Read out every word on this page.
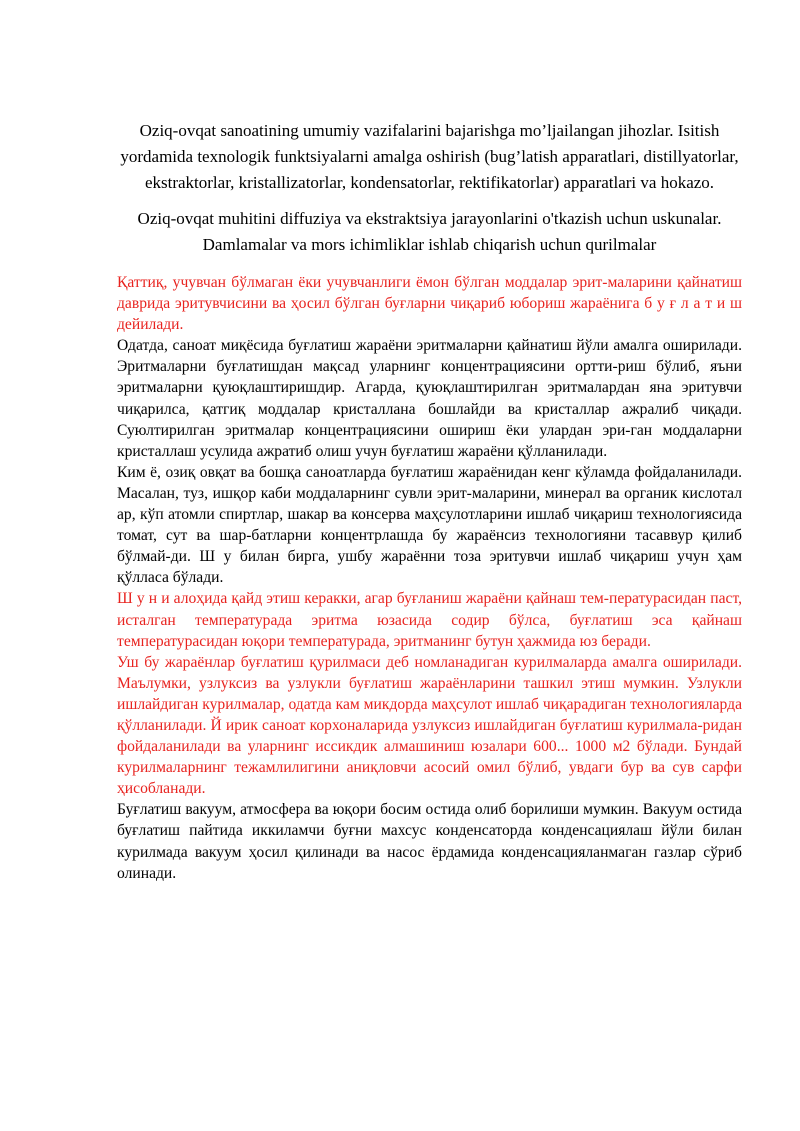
Oziq-ovqat sanoatining umumiy vazifalarini bajarishga mo’ljailangan jihozlar. Isitish yordamida texnologik funktsiyalarni amalga oshirish (bug’latish apparatlari, distillyatorlar, ekstraktorlar, kristallizatorlar, kondensatorlar, rektifikatorlar) apparatlari va hokazo.

Oziq-ovqat muhitini diffuziya va ekstraktsiya jarayonlarini o'tkazish uchun uskunalar. Damlamalar va mors ichimliklar ishlab chiqarish uchun qurilmalar

Қаттиқ, учувчан бўлмаган ёки учувчанлиги ёмон бўлган моддалар эрит-маларини қайнатиш даврида эритувчисини ва ҳосил бўлган буғларни чиқариб юбориш жараёнига б у ғ л а т и ш дейилади.

Одатда, саноат миқёсида буғлатиш жараёни эритмаларни қайнатиш йўли амалга оширилади. Эритмаларни буғлатишдан мақсад уларнинг концентрациясини ортти-риш бўлиб, яъни эритмаларни қуюқлаштиришдир. Агарда, қуюқлаштирилган эритмалардан яна эритувчи чиқарилса, қатгиқ моддалар кристаллана бошлайди ва кристаллар ажралиб чиқади. Суюлтирилган эритмалар концентрациясини ошириш ёки улардан эри-ган моддаларни кристаллаш усулида ажратиб олиш учун буғлатиш жараёни қўлланилади.

Ким ё, озиқ овқат ва бошқа саноатларда буғлатиш жараёнидан кенг кўламда фойдаланилади. Масалан, туз, ишқор каби моддаларнинг сувли эрит-маларини, минерал ва органик кислотал ар, кўп атомли спиртлар, шакар ва консерва маҳсулотларини ишлаб чиқариш технологиясида томат, сут ва шар-батларни концентрлашда бу жараёнсиз технологияни тасаввур қилиб бўлмай-ди. Ш у билан бирга, ушбу жараённи тоза эритувчи ишлаб чиқариш учун ҳам қўлласа бўлади.

Ш у н и алоҳида қайд этиш керакки, агар буғланиш жараёни қайнаш тем-пературасидан паст, исталган температурада эритма юзасида содир бўлса, буғлатиш эса қайнаш температурасидан юқори температурада, эритманинг бутун ҳажмида юз беради.

Уш бу жараёнлар буғлатиш қурилмаси деб номланадиган курилмаларда амалга оширилади. Маълумки, узлуксиз ва узлукли буғлатиш жараёнларини ташкил этиш мумкин. Узлукли ишлайдиган курилмалар, одатда кам микдорда маҳсулот ишлаб чиқарадиган технологияларда қўлланилади. Й ирик саноат корхоналарида узлуксиз ишлайдиган буғлатиш курилмала-ридан фойдаланилади ва уларнинг иссикдик алмашиниш юзалари 600... 1000 м2 бўлади. Бундай курилмаларнинг тежамлилигини аниқловчи асосий омил бўлиб, увдаги бур ва сув сарфи ҳисобланади.

Буғлатиш вакуум, атмосфера ва юқори босим остида олиб борилиши мумкин. Вакуум остида буғлатиш пайтида иккиламчи буғни махсус конденсаторда конденсациялаш йўли билан курилмада вакуум ҳосил қилинади ва насос ёрдамида конденсацияланмаган газлар сўриб олинади.
